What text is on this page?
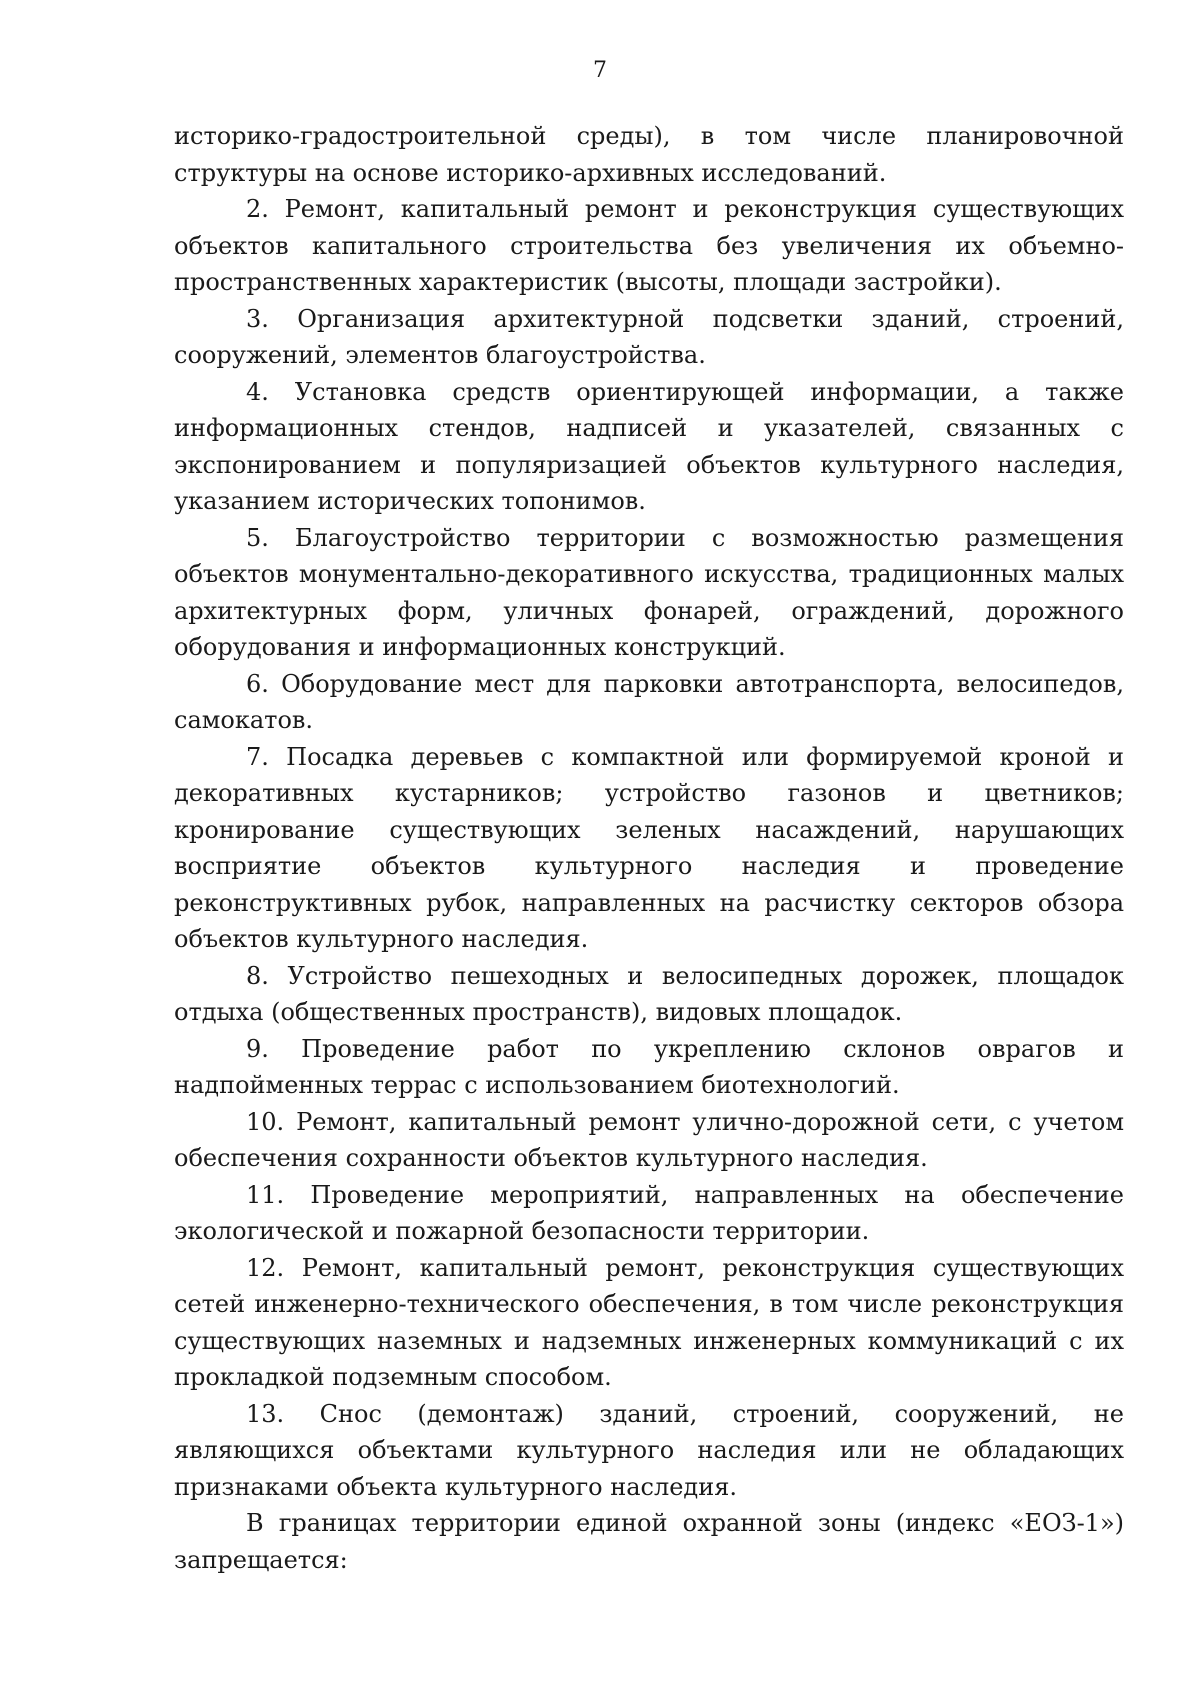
7

историко-градостроительной среды), в том числе планировочной структуры на основе историко-архивных исследований.

2. Ремонт, капитальный ремонт и реконструкция существующих объектов капитального строительства без увеличения их объемно-пространственных характеристик (высоты, площади застройки).

3. Организация архитектурной подсветки зданий, строений, сооружений, элементов благоустройства.

4. Установка средств ориентирующей информации, а также информационных стендов, надписей и указателей, связанных с экспонированием и популяризацией объектов культурного наследия, указанием исторических топонимов.

5. Благоустройство территории с возможностью размещения объектов монументально-декоративного искусства, традиционных малых архитектурных форм, уличных фонарей, ограждений, дорожного оборудования и информационных конструкций.

6. Оборудование мест для парковки автотранспорта, велосипедов, самокатов.

7. Посадка деревьев с компактной или формируемой кроной и декоративных кустарников; устройство газонов и цветников; кронирование существующих зеленых насаждений, нарушающих восприятие объектов культурного наследия и проведение реконструктивных рубок, направленных на расчистку секторов обзора объектов культурного наследия.

8. Устройство пешеходных и велосипедных дорожек, площадок отдыха (общественных пространств), видовых площадок.

9. Проведение работ по укреплению склонов оврагов и надпойменных террас с использованием биотехнологий.

10. Ремонт, капитальный ремонт улично-дорожной сети, с учетом обеспечения сохранности объектов культурного наследия.

11. Проведение мероприятий, направленных на обеспечение экологической и пожарной безопасности территории.

12. Ремонт, капитальный ремонт, реконструкция существующих сетей инженерно-технического обеспечения, в том числе реконструкция существующих наземных и надземных инженерных коммуникаций с их прокладкой подземным способом.

13. Снос (демонтаж) зданий, строений, сооружений, не являющихся объектами культурного наследия или не обладающих признаками объекта культурного наследия.

В границах территории единой охранной зоны (индекс «ЕОЗ-1») запрещается:
